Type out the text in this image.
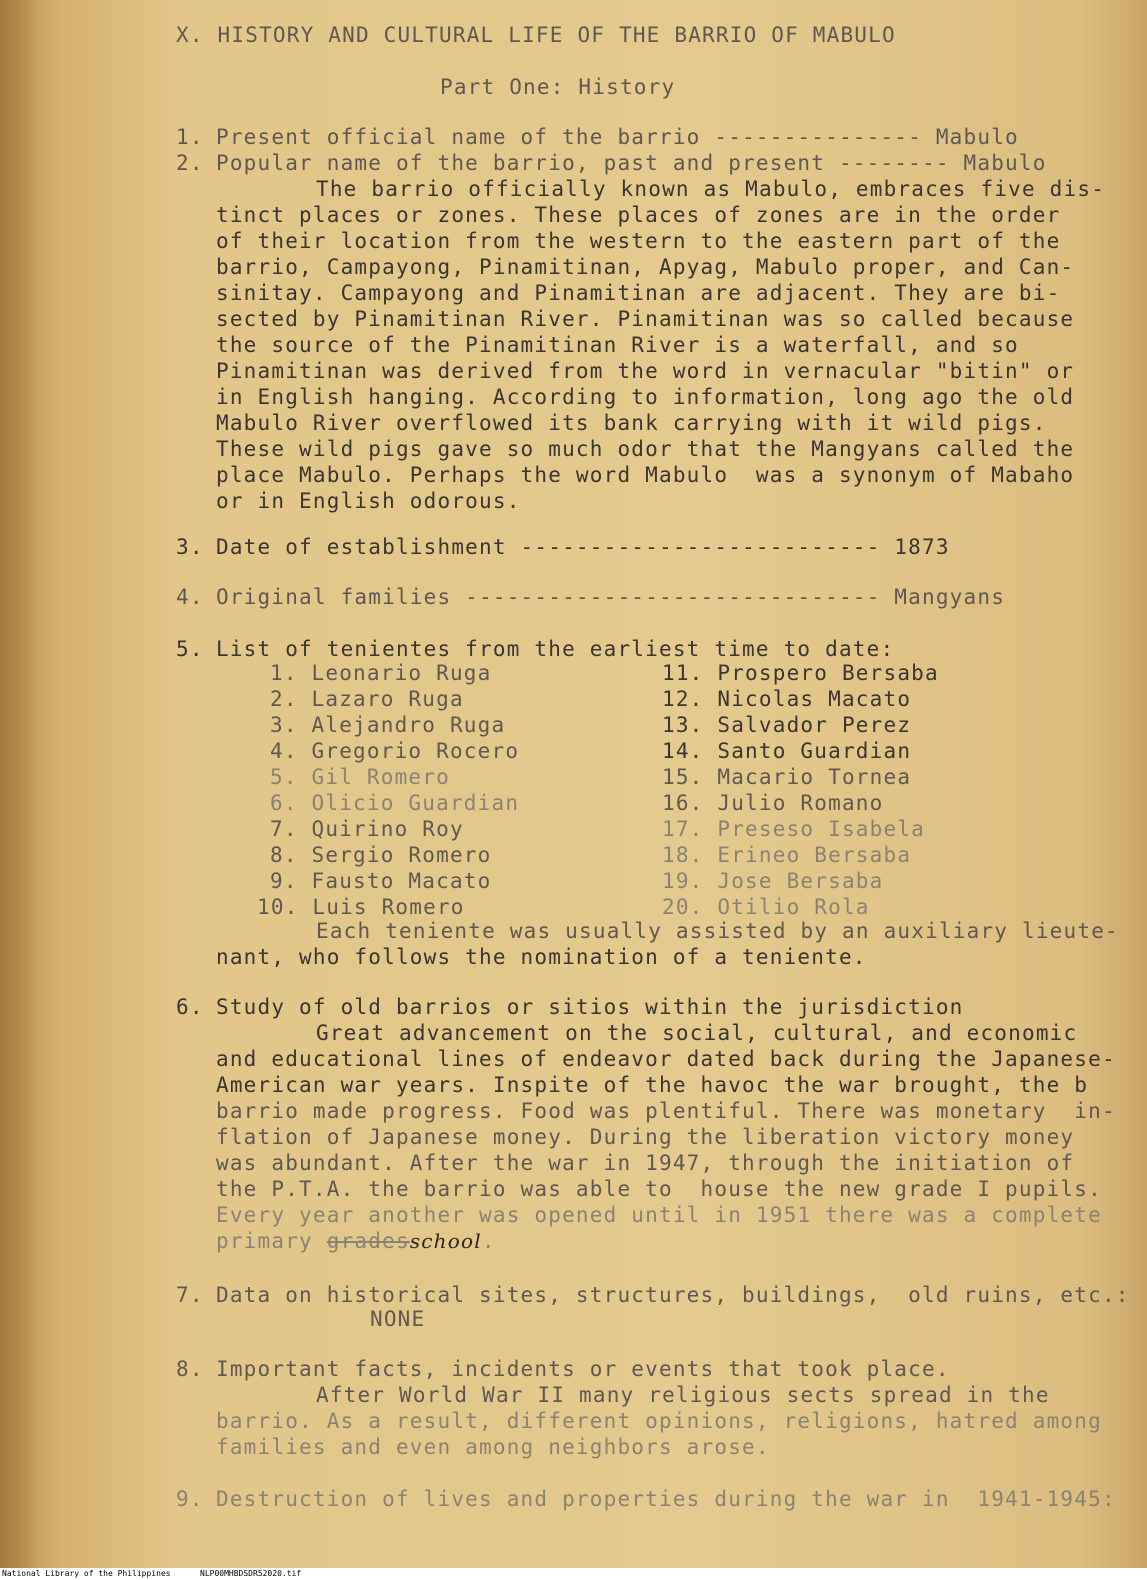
X. HISTORY AND CULTURAL LIFE OF THE BARRIO OF MABULO
Part One: History
1. Present official name of the barrio --------------- Mabulo
2. Popular name of the barrio, past and present -------- Mabulo
The barrio officially known as Mabulo, embraces five dis-
tinct places or zones. These places of zones are in the order
of their location from the western to the eastern part of the
barrio, Campayong, Pinamitinan, Apyag, Mabulo proper, and Can-
sinitay. Campayong and Pinamitinan are adjacent. They are bi-
sected by Pinamitinan River. Pinamitinan was so called because
the source of the Pinamitinan River is a waterfall, and so
Pinamitinan was derived from the word in vernacular "bitin" or
in English hanging. According to information, long ago the old
Mabulo River overflowed its bank carrying with it wild pigs.
These wild pigs gave so much odor that the Mangyans called the
place Mabulo. Perhaps the word Mabulo  was a synonym of Mabaho
or in English odorous.
3. Date of establishment -------------------------- 1873
4. Original families ------------------------------ Mangyans
5. List of tenientes from the earliest time to date:
1. Leonario Ruga
2. Lazaro Ruga
3. Alejandro Ruga
4. Gregorio Rocero
5. Gil Romero
6. Olicio Guardian
7. Quirino Roy
8. Sergio Romero
9. Fausto Macato
10. Luis Romero
11. Prospero Bersaba
12. Nicolas Macato
13. Salvador Perez
14. Santo Guardian
15. Macario Tornea
16. Julio Romano
17. Preseso Isabela
18. Erineo Bersaba
19. Jose Bersaba
20. Otilio Rola
Each teniente was usually assisted by an auxiliary lieute-
nant, who follows the nomination of a teniente.
6. Study of old barrios or sitios within the jurisdiction
Great advancement on the social, cultural, and economic
and educational lines of endeavor dated back during the Japanese-
American war years. Inspite of the havoc the war brought, the b
barrio made progress. Food was plentiful. There was monetary  in-
flation of Japanese money. During the liberation victory money
was abundant. After the war in 1947, through the initiation of
the P.T.A. the barrio was able to  house the new grade I pupils.
Every year another was opened until in 1951 there was a complete
primary gradesschool.
7. Data on historical sites, structures, buildings,  old ruins, etc.:
NONE
8. Important facts, incidents or events that took place.
After World War II many religious sects spread in the
barrio. As a result, different opinions, religions, hatred among
families and even among neighbors arose.
9. Destruction of lives and properties during the war in  1941-1945:
National Library of the Philippines	NLP00MHBDSDR52020.tif
